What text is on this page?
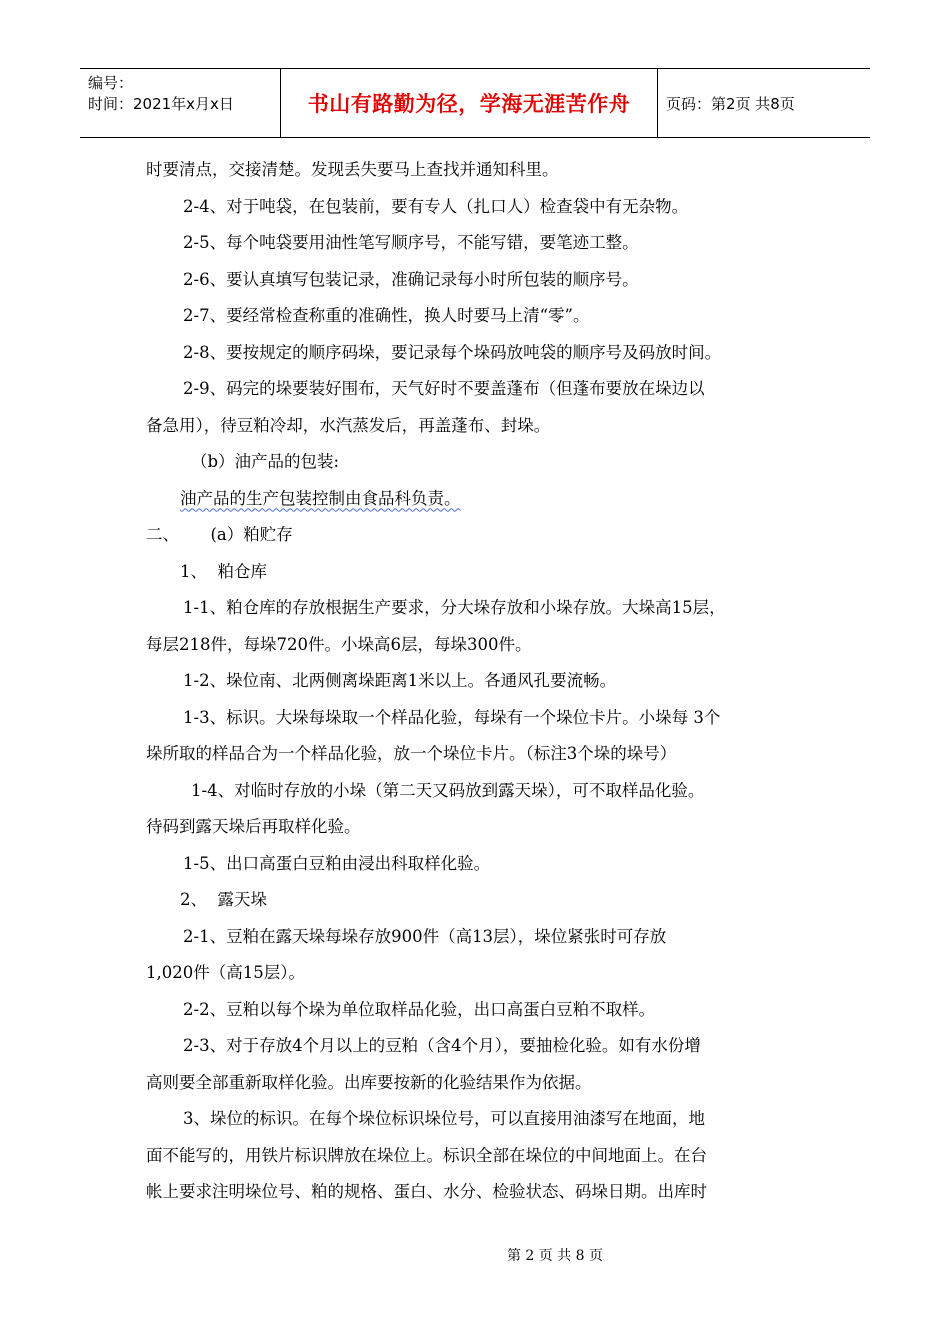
编号：
时间：2021年x月x日	书山有路勤为径，学海无涯苦作舟	页码：第2页 共8页
时要清点，交接清楚。发现丢失要马上查找并通知科里。
2-4、对于吨袋，在包装前，要有专人（扎口人）检查袋中有无杂物。
2-5、每个吨袋要用油性笔写顺序号，不能写错，要笔迹工整。
2-6、要认真填写包装记录，准确记录每小时所包装的顺序号。
2-7、要经常检查称重的准确性，换人时要马上清“零”。
2-8、要按规定的顺序码垛，要记录每个垛码放吨袋的顺序号及码放时间。
2-9、码完的垛要装好围布，天气好时不要盖蓬布（但蓬布要放在垛边以
备急用），待豆粕冷却，水汽蒸发后，再盖蓬布、封垛。
（b）油产品的包装:
油产品的生产包装控制由食品科负责。
二、      (a）粕贮存
1、  粕仓库
1-1、粕仓库的存放根据生产要求，分大垛存放和小垛存放。大垛高15层，
每层218件，每垛720件。小垛高6层，每垛300件。
1-2、垛位南、北两侧离垛距离1米以上。各通风孔要流畅。
1-3、标识。大垛每垛取一个样品化验，每垛有一个垛位卡片。小垛每 3个
垛所取的样品合为一个样品化验，放一个垛位卡片。（标注3个垛的垛号）
1-4、对临时存放的小垛（第二天又码放到露天垛），可不取样品化验。
待码到露天垛后再取样化验。
1-5、出口高蛋白豆粕由浸出科取样化验。
2、  露天垛
2-1、豆粕在露天垛每垛存放900件（高13层），垛位紧张时可存放
1,020件（高15层）。
2-2、豆粕以每个垛为单位取样品化验，出口高蛋白豆粕不取样。
2-3、对于存放4个月以上的豆粕（含4个月），要抽检化验。如有水份增
高则要全部重新取样化验。出库要按新的化验结果作为依据。
3、垛位的标识。在每个垛位标识垛位号，可以直接用油漆写在地面，地
面不能写的，用铁片标识牌放在垛位上。标识全部在垛位的中间地面上。在台
帐上要求注明垛位号、粕的规格、蛋白、水分、检验状态、码垛日期。出库时
第 2 页 共 8 页
